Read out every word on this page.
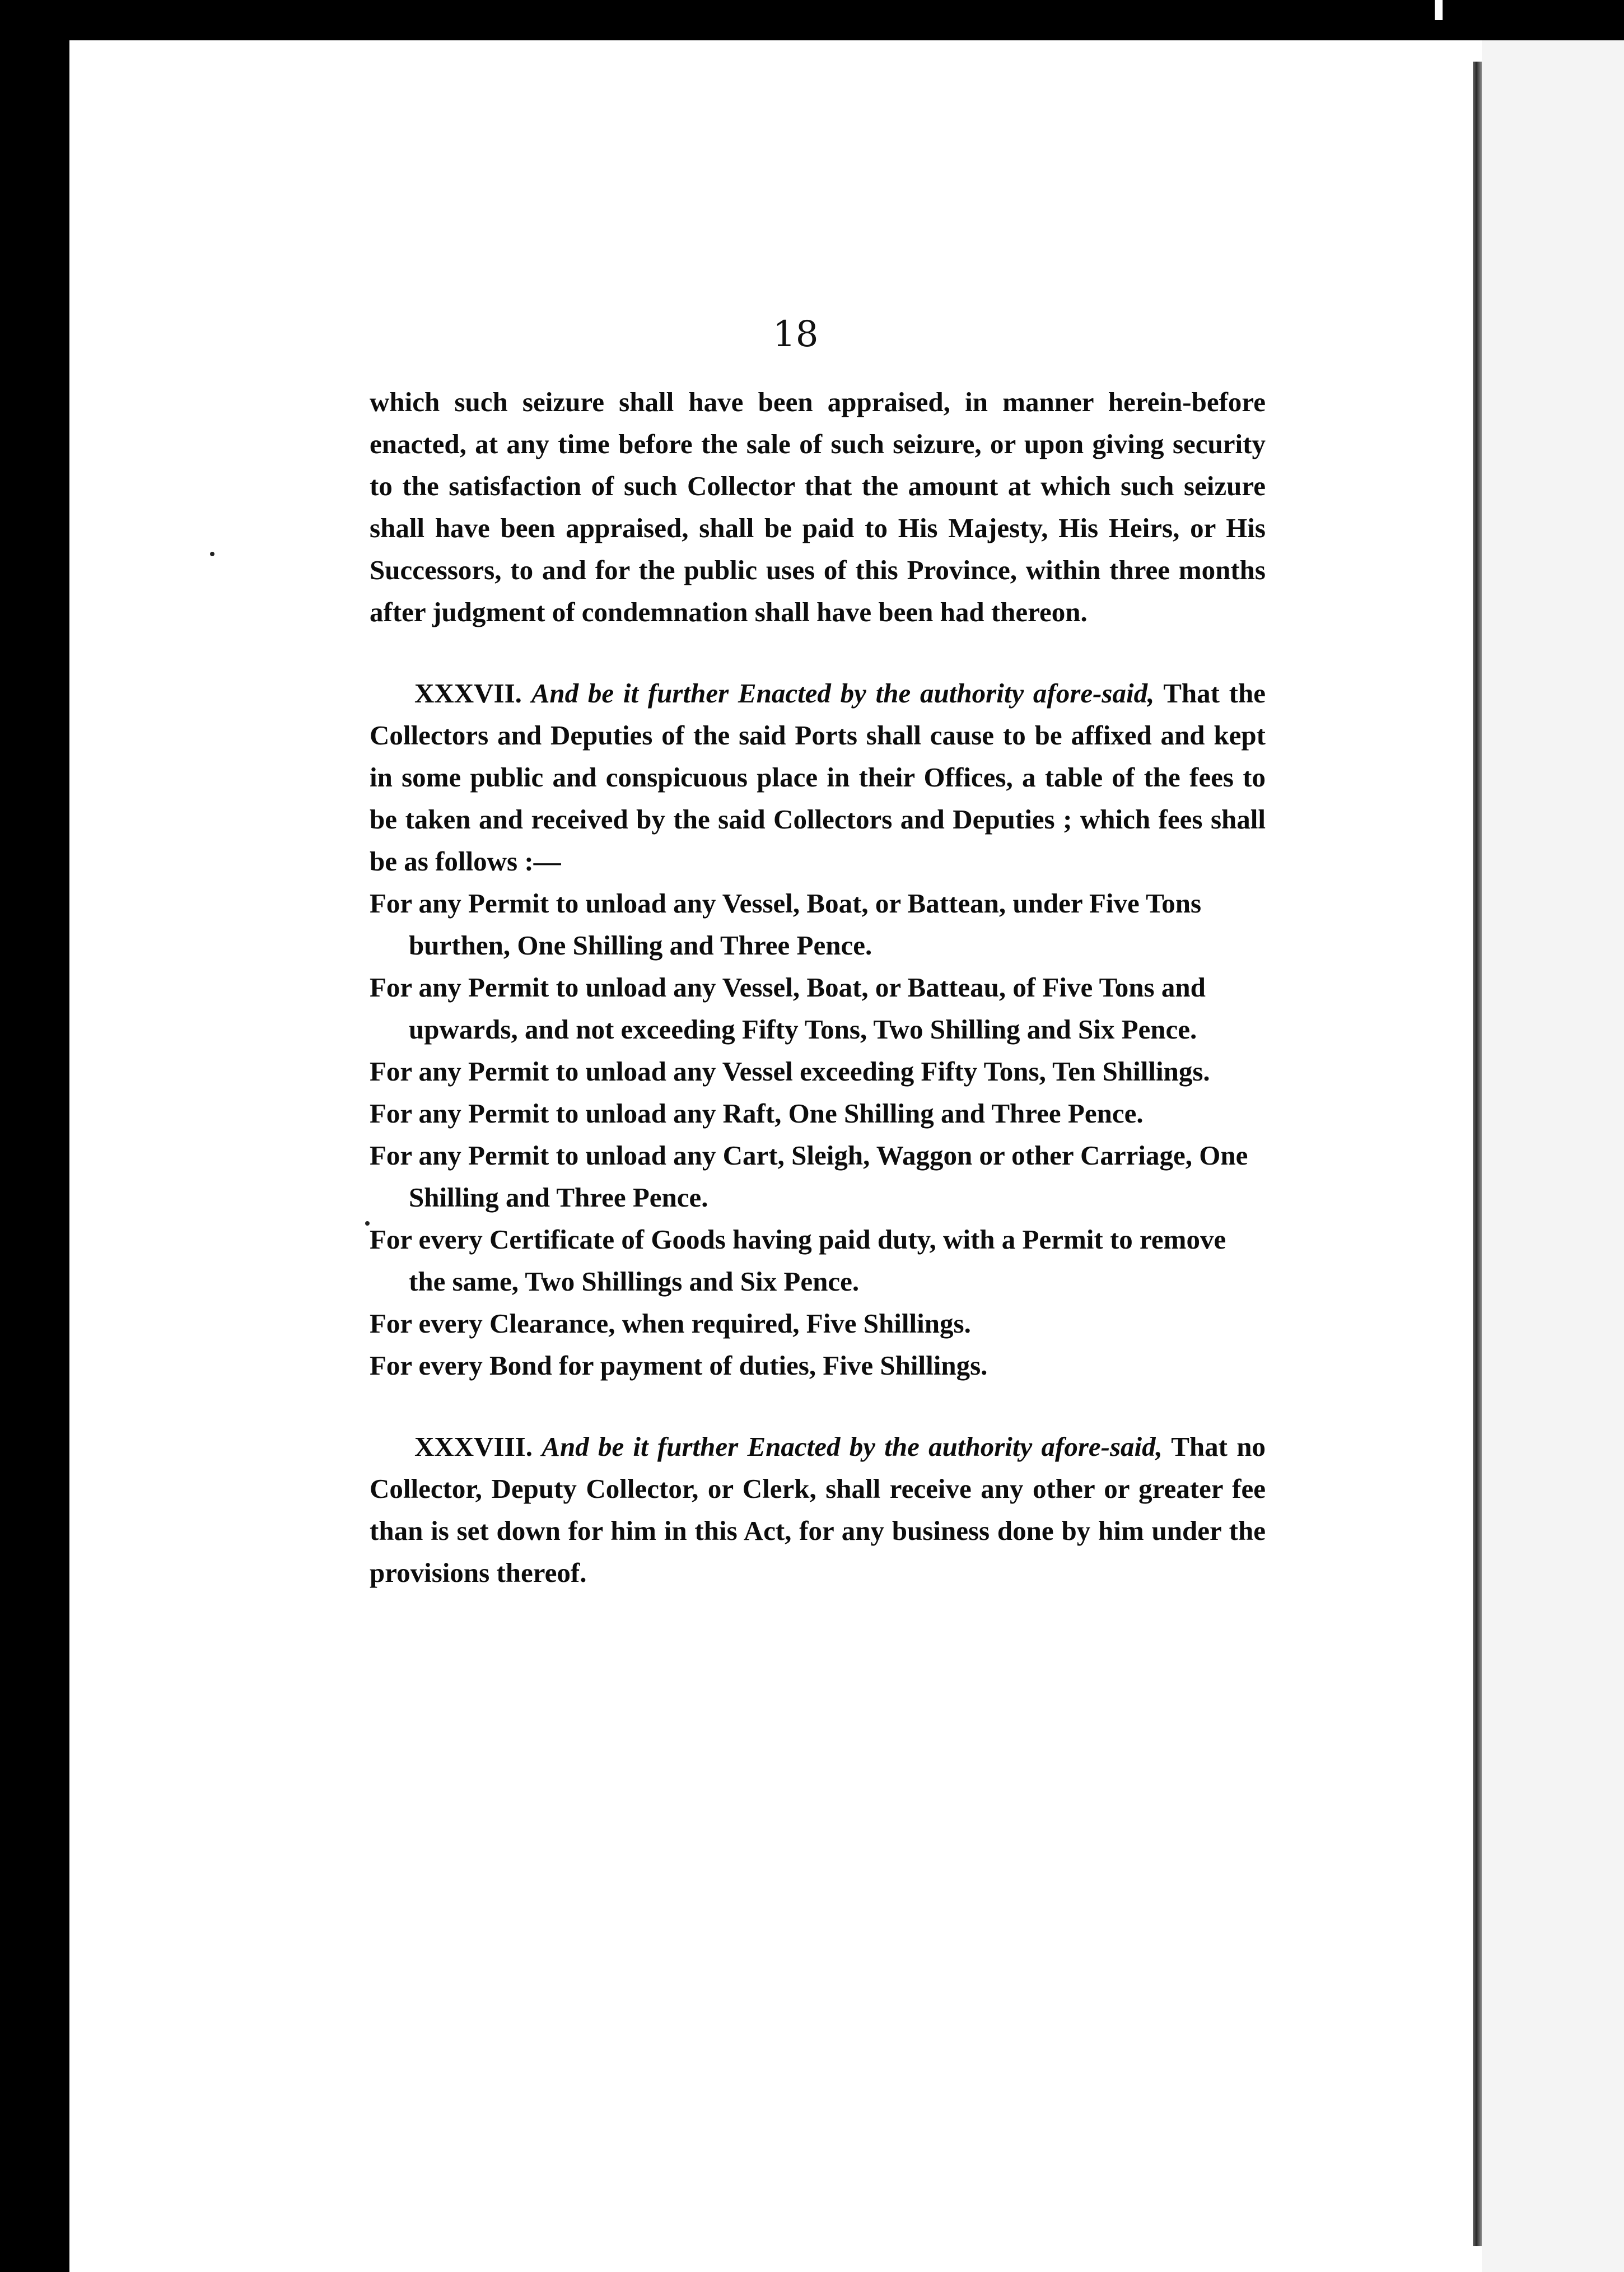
18

which such seizure shall have been appraised, in manner herein-before enacted, at any time before the sale of such seizure, or upon giving security to the satisfaction of such Collector that the amount at which such seizure shall have been appraised, shall be paid to His Majesty, His Heirs, or His Successors, to and for the public uses of this Province, within three months after judgment of condemnation shall have been had thereon.

XXXVII. And be it further Enacted by the authority afore-said, That the Collectors and Deputies of the said Ports shall cause to be affixed and kept in some public and conspicuous place in their Offices, a table of the fees to be taken and received by the said Collectors and Deputies ; which fees shall be as follows :—

For any Permit to unload any Vessel, Boat, or Battean, under Five Tons burthen, One Shilling and Three Pence.

For any Permit to unload any Vessel, Boat, or Batteau, of Five Tons and upwards, and not exceeding Fifty Tons, Two Shilling and Six Pence.

For any Permit to unload any Vessel exceeding Fifty Tons, Ten Shillings.

For any Permit to unload any Raft, One Shilling and Three Pence.

For any Permit to unload any Cart, Sleigh, Waggon or other Carriage, One Shilling and Three Pence.

For every Certificate of Goods having paid duty, with a Permit to remove the same, Two Shillings and Six Pence.

For every Clearance, when required, Five Shillings.

For every Bond for payment of duties, Five Shillings.

XXXVIII. And be it further Enacted by the authority afore-said, That no Collector, Deputy Collector, or Clerk, shall receive any other or greater fee than is set down for him in this Act, for any business done by him under the provisions thereof.
